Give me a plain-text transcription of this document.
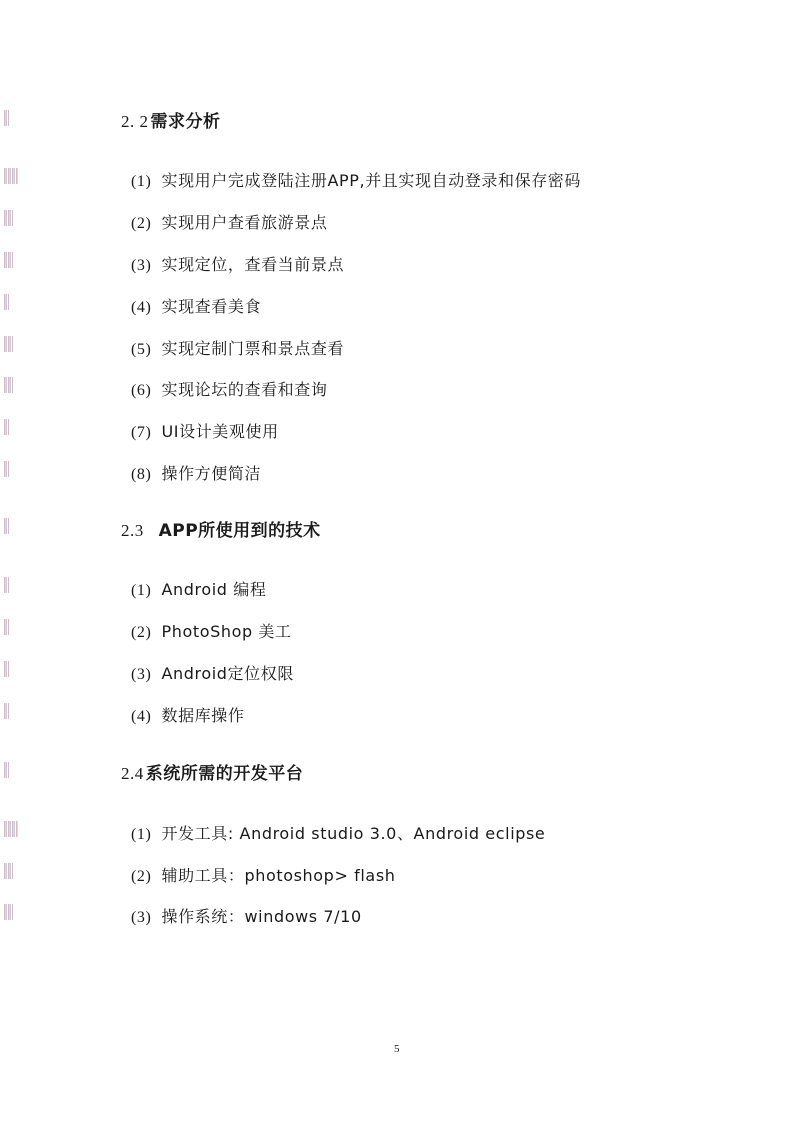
2. 2 需求分析
(1) 实现用户完成登陆注册APP,并且实现自动登录和保存密码
(2) 实现用户查看旅游景点
(3) 实现定位，查看当前景点
(4) 实现查看美食
(5) 实现定制门票和景点查看
(6) 实现论坛的查看和查询
(7) UI设计美观使用
(8) 操作方便简洁
2.3 APP所使用到的技术
(1) Android 编程
(2) PhotoShop 美工
(3) Android定位权限
(4) 数据库操作
2.4 系统所需的开发平台
(1) 开发工具: Android studio 3.0、Android eclipse
(2) 辅助工具：photoshop> flash
(3) 操作系统：windows 7/10
5
